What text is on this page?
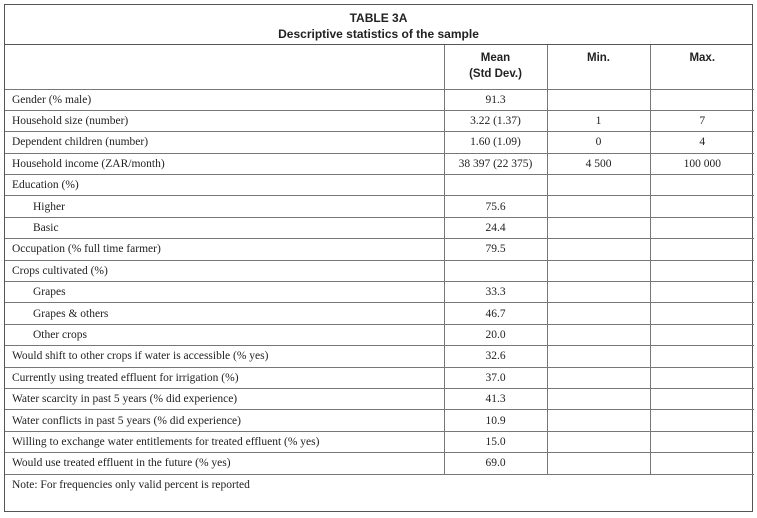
TABLE 3A
Descriptive statistics of the sample

	Mean
(Std Dev.)	Min.	Max.
Gender (% male)	91.3		
Household size (number)	3.22 (1.37)	1	7
Dependent children (number)	1.60 (1.09)	0	4
Household income (ZAR/month)	38 397 (22 375)	4 500	100 000
Education (%)			
Higher	75.6		
Basic	24.4		
Occupation (% full time farmer)	79.5		
Crops cultivated (%)			
Grapes	33.3		
Grapes & others	46.7		
Other crops	20.0		
Would shift to other crops if water is accessible (% yes)	32.6		
Currently using treated effluent for irrigation (%)	37.0		
Water scarcity in past 5 years (% did experience)	41.3		
Water conflicts in past 5 years (% did experience)	10.9		
Willing to exchange water entitlements for treated effluent (% yes)	15.0		
Would use treated effluent in the future (% yes)	69.0		
Note: For frequencies only valid percent is reported			
